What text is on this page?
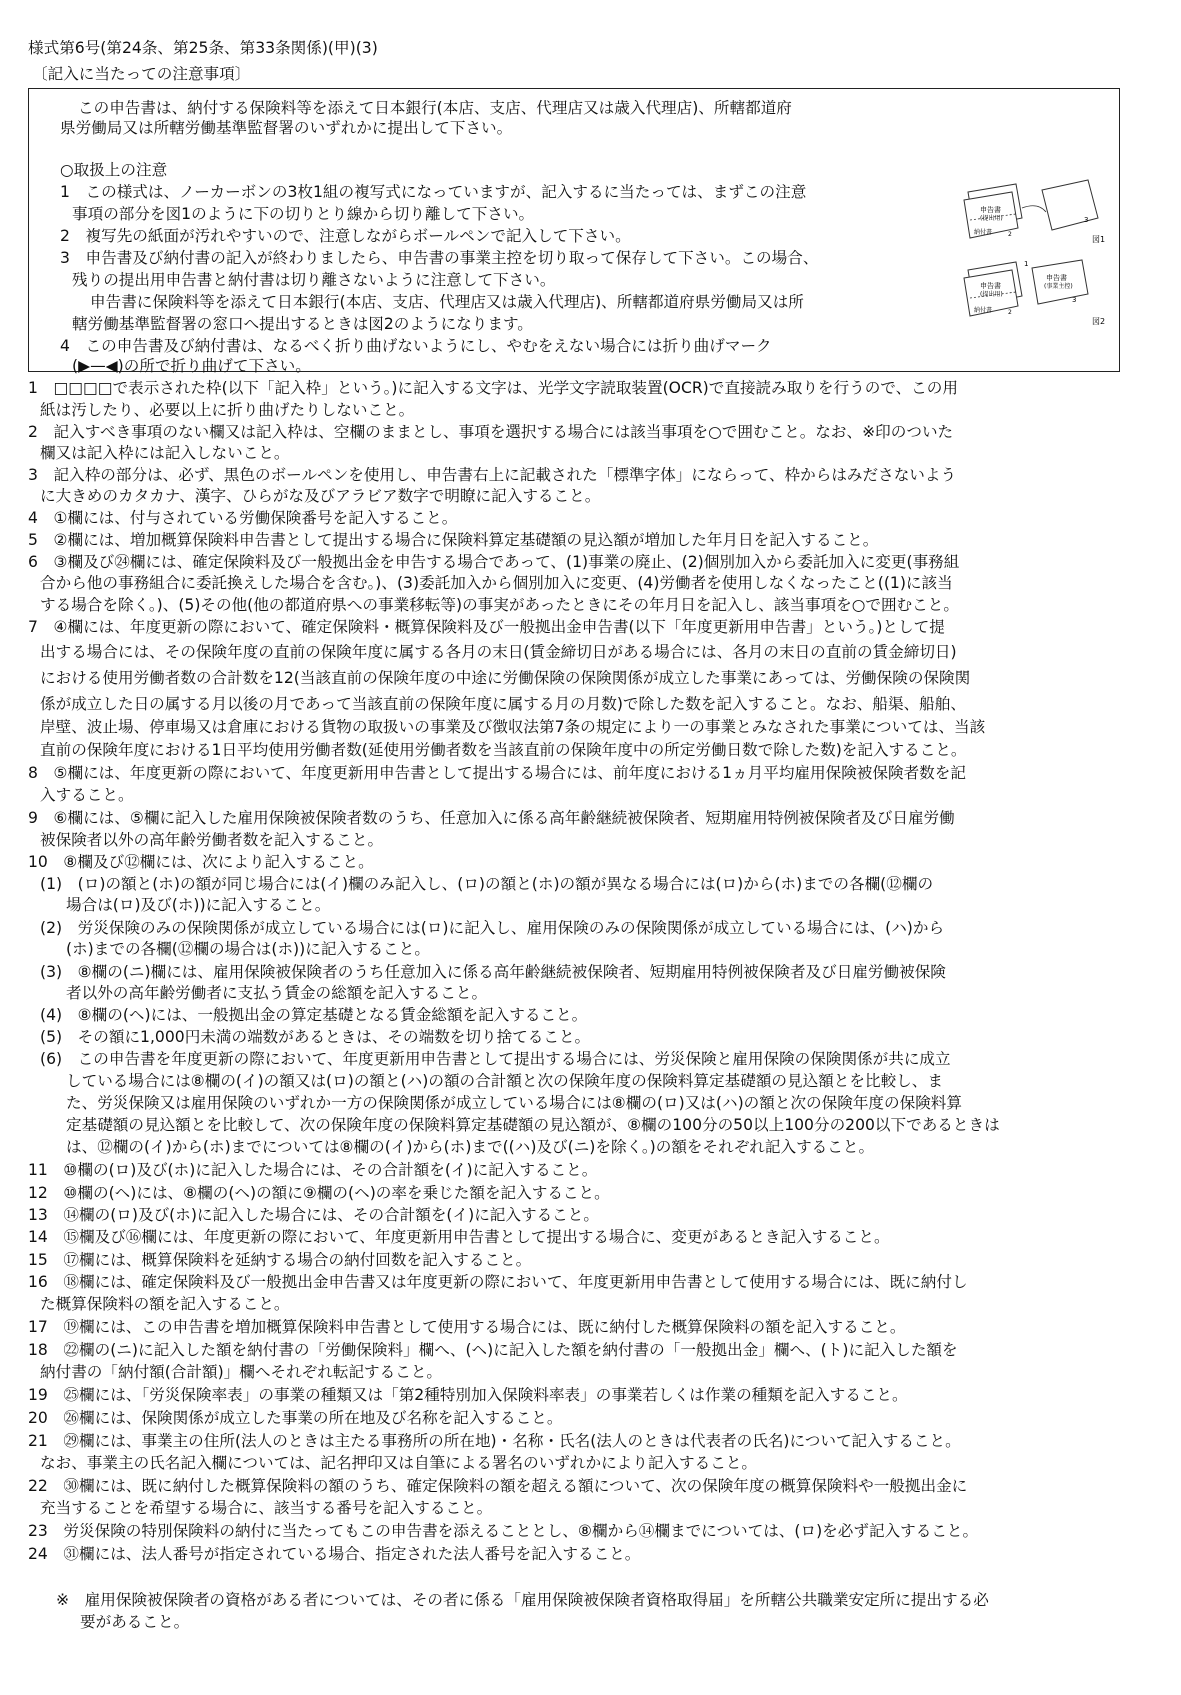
様式第6号(第24条、第25条、第33条関係)(甲)(3)
〔記入に当たっての注意事項〕
この申告書は、納付する保険料等を添えて日本銀行(本店、支店、代理店又は歳入代理店)、所轄都道府
県労働局又は所轄労働基準監督署のいずれかに提出して下さい。
○取扱上の注意
1　この様式は、ノーカーボンの3枚1組の複写式になっていますが、記入するに当たっては、まずこの注意
事項の部分を図1のように下の切りとり線から切り離して下さい。
2　複写先の紙面が汚れやすいので、注意しながらボールペンで記入して下さい。
3　申告書及び納付書の記入が終わりましたら、申告書の事業主控を切り取って保存して下さい。この場合、
残りの提出用申告書と納付書は切り離さないように注意して下さい。
申告書に保険料等を添えて日本銀行(本店、支店、代理店又は歳入代理店)、所轄都道府県労働局又は所
轄労働基準監督署の窓口へ提出するときは図2のようになります。
4　この申告書及び納付書は、なるべく折り曲げないようにし、やむをえない場合には折り曲げマーク
(▶—◀)の所で折り曲げて下さい。
申告書
(提出用)
納付書	2
3
図1
申告書
(提出用)
納付書
申告書
(事業主控)
1
2
3
図2
1　□□□□で表示された枠(以下「記入枠」という。)に記入する文字は、光学文字読取装置(OCR)で直接読み取りを行うので、この用
紙は汚したり、必要以上に折り曲げたりしないこと。
2　記入すべき事項のない欄又は記入枠は、空欄のままとし、事項を選択する場合には該当事項を○で囲むこと。なお、※印のついた
欄又は記入枠には記入しないこと。
3　記入枠の部分は、必ず、黒色のボールペンを使用し、申告書右上に記載された「標準字体」にならって、枠からはみださないよう
に大きめのカタカナ、漢字、ひらがな及びアラビア数字で明瞭に記入すること。
4　①欄には、付与されている労働保険番号を記入すること。
5　②欄には、増加概算保険料申告書として提出する場合に保険料算定基礎額の見込額が増加した年月日を記入すること。
6　③欄及び㉔欄には、確定保険料及び一般拠出金を申告する場合であって、(1)事業の廃止、(2)個別加入から委託加入に変更(事務組
合から他の事務組合に委託換えした場合を含む。)、(3)委託加入から個別加入に変更、(4)労働者を使用しなくなったこと((1)に該当
する場合を除く。)、(5)その他(他の都道府県への事業移転等)の事実があったときにその年月日を記入し、該当事項を○で囲むこと。
7　④欄には、年度更新の際において、確定保険料・概算保険料及び一般拠出金申告書(以下「年度更新用申告書」という。)として提
出する場合には、その保険年度の直前の保険年度に属する各月の末日(賃金締切日がある場合には、各月の末日の直前の賃金締切日)
における使用労働者数の合計数を12(当該直前の保険年度の中途に労働保険の保険関係が成立した事業にあっては、労働保険の保険関
係が成立した日の属する月以後の月であって当該直前の保険年度に属する月の月数)で除した数を記入すること。なお、船渠、船舶、
岸壁、波止場、停車場又は倉庫における貨物の取扱いの事業及び徴収法第7条の規定により一の事業とみなされた事業については、当該
直前の保険年度における1日平均使用労働者数(延使用労働者数を当該直前の保険年度中の所定労働日数で除した数)を記入すること。
8　⑤欄には、年度更新の際において、年度更新用申告書として提出する場合には、前年度における1ヵ月平均雇用保険被保険者数を記
入すること。
9　⑥欄には、⑤欄に記入した雇用保険被保険者数のうち、任意加入に係る高年齢継続被保険者、短期雇用特例被保険者及び日雇労働
被保険者以外の高年齢労働者数を記入すること。
10　⑧欄及び⑫欄には、次により記入すること。
(1)　(ロ)の額と(ホ)の額が同じ場合には(イ)欄のみ記入し、(ロ)の額と(ホ)の額が異なる場合には(ロ)から(ホ)までの各欄(⑫欄の
場合は(ロ)及び(ホ))に記入すること。
(2)　労災保険のみの保険関係が成立している場合には(ロ)に記入し、雇用保険のみの保険関係が成立している場合には、(ハ)から
(ホ)までの各欄(⑫欄の場合は(ホ))に記入すること。
(3)　⑧欄の(ニ)欄には、雇用保険被保険者のうち任意加入に係る高年齢継続被保険者、短期雇用特例被保険者及び日雇労働被保険
者以外の高年齢労働者に支払う賃金の総額を記入すること。
(4)　⑧欄の(ヘ)には、一般拠出金の算定基礎となる賃金総額を記入すること。
(5)　その額に1,000円未満の端数があるときは、その端数を切り捨てること。
(6)　この申告書を年度更新の際において、年度更新用申告書として提出する場合には、労災保険と雇用保険の保険関係が共に成立
している場合には⑧欄の(イ)の額又は(ロ)の額と(ハ)の額の合計額と次の保険年度の保険料算定基礎額の見込額とを比較し、ま
た、労災保険又は雇用保険のいずれか一方の保険関係が成立している場合には⑧欄の(ロ)又は(ハ)の額と次の保険年度の保険料算
定基礎額の見込額とを比較して、次の保険年度の保険料算定基礎額の見込額が、⑧欄の100分の50以上100分の200以下であるときは
は、⑫欄の(イ)から(ホ)までについては⑧欄の(イ)から(ホ)まで((ハ)及び(ニ)を除く。)の額をそれぞれ記入すること。
11　⑩欄の(ロ)及び(ホ)に記入した場合には、その合計額を(イ)に記入すること。
12　⑩欄の(ヘ)には、⑧欄の(ヘ)の額に⑨欄の(ヘ)の率を乗じた額を記入すること。
13　⑭欄の(ロ)及び(ホ)に記入した場合には、その合計額を(イ)に記入すること。
14　⑮欄及び⑯欄には、年度更新の際において、年度更新用申告書として提出する場合に、変更があるとき記入すること。
15　⑰欄には、概算保険料を延納する場合の納付回数を記入すること。
16　⑱欄には、確定保険料及び一般拠出金申告書又は年度更新の際において、年度更新用申告書として使用する場合には、既に納付し
た概算保険料の額を記入すること。
17　⑲欄には、この申告書を増加概算保険料申告書として使用する場合には、既に納付した概算保険料の額を記入すること。
18　㉒欄の(ニ)に記入した額を納付書の「労働保険料」欄へ、(ヘ)に記入した額を納付書の「一般拠出金」欄へ、(ト)に記入した額を
納付書の「納付額(合計額)」欄へそれぞれ転記すること。
19　㉕欄には、「労災保険率表」の事業の種類又は「第2種特別加入保険料率表」の事業若しくは作業の種類を記入すること。
20　㉖欄には、保険関係が成立した事業の所在地及び名称を記入すること。
21　㉙欄には、事業主の住所(法人のときは主たる事務所の所在地)・名称・氏名(法人のときは代表者の氏名)について記入すること。
なお、事業主の氏名記入欄については、記名押印又は自筆による署名のいずれかにより記入すること。
22　㉚欄には、既に納付した概算保険料の額のうち、確定保険料の額を超える額について、次の保険年度の概算保険料や一般拠出金に
充当することを希望する場合に、該当する番号を記入すること。
23　労災保険の特別保険料の納付に当たってもこの申告書を添えることとし、⑧欄から⑭欄までについては、(ロ)を必ず記入すること。
24　㉛欄には、法人番号が指定されている場合、指定された法人番号を記入すること。
※　雇用保険被保険者の資格がある者については、その者に係る「雇用保険被保険者資格取得届」を所轄公共職業安定所に提出する必
要があること。
